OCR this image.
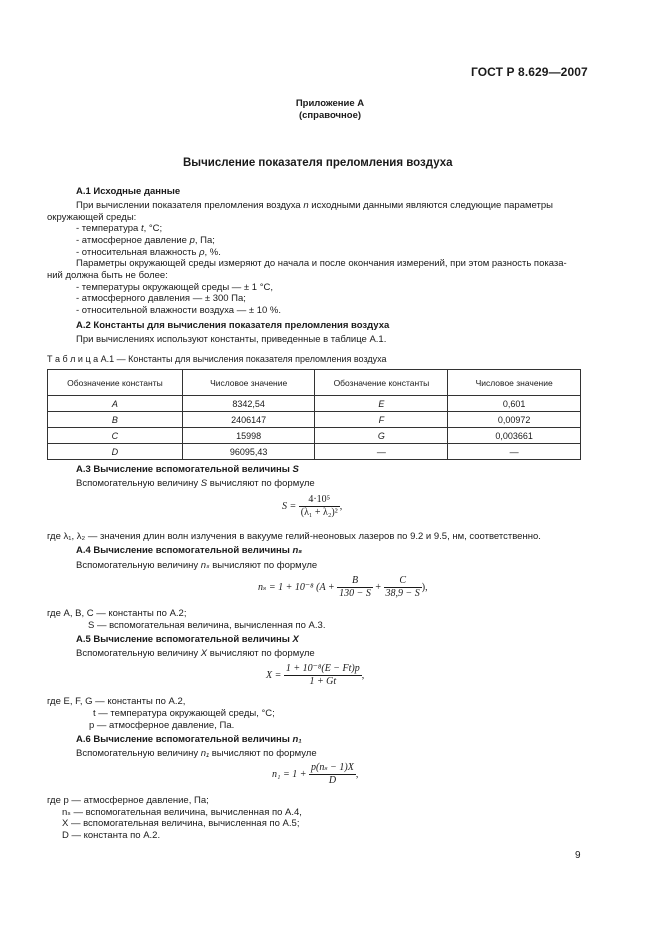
ГОСТ Р 8.629—2007
Приложение А
(справочное)
Вычисление показателя преломления воздуха
А.1 Исходные данные
При вычислении показателя преломления воздуха n исходными данными являются следующие параметры
окружающей среды:
- температура t, °С;
- атмосферное давление p, Па;
- относительная влажность ρ, %.
Параметры окружающей среды измеряют до начала и после окончания измерений, при этом разность показа-
ний должна быть не более:
- температуры окружающей среды — ± 1 °С,
- атмосферного давления — ± 300 Па;
- относительной влажности воздуха — ± 10 %.
А.2 Константы для вычисления показателя преломления воздуха
При вычислениях используют константы, приведенные в таблице А.1.
Т а б л и ц а А.1 — Константы для вычисления показателя преломления воздуха
Обозначение константы	Числовое значение	Обозначение константы	Числовое значение
A	8342,54	E	0,601
B	2406147	F	0,00972
C	15998	G	0,003661
D	96095,43	—	—
А.3 Вычисление вспомогательной величины S
Вспомогательную величину S вычисляют по формуле
$S = \frac{\text{4·10⁵}}{\text{(λ₁ + λ₂)²}}$ ,
где λ₁, λ₂ — значения длин волн излучения в вакууме гелий-неоновых лазеров по 9.2 и 9.5, нм, соответственно.
А.4 Вычисление вспомогательной величины nₛ
Вспомогательную величину nₛ вычисляют по формуле
nₛ = 1 + 10⁻⁸ ($A + \frac{B}{130 - S} + \frac{C}{38,9 - S}$ ),
где A, B, C — константы по А.2;
S — вспомогательная величина, вычисленная по А.3.
А.5 Вычисление вспомогательной величины X
Вспомогательную величину X вычисляют по формуле
$X = \frac{\text{1 + 10⁻⁸(E − Ft)p}}{1 + Gt}$ ,
где E, F, G — константы по А.2,
t — температура окружающей среды, °С;
p — атмосферное давление, Па.
А.6 Вычисление вспомогательной величины n₁
Вспомогательную величину n₁ вычисляют по формуле
$n_1 = 1 + \frac{\text{p(nₛ − 1)X}}{D}$ ,
где p — атмосферное давление, Па;
nₛ — вспомогательная величина, вычисленная по А.4,
X — вспомогательная величина, вычисленная по А.5;
D — константа по А.2.
9
